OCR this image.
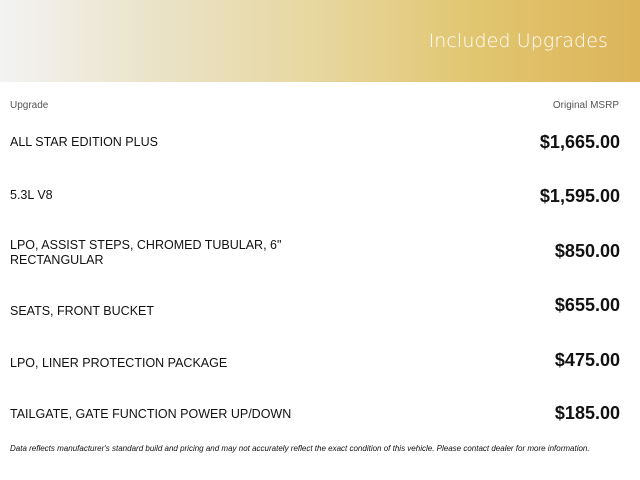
Included Upgrades
Upgrade	Original MSRP
ALL STAR EDITION PLUS	$1,665.00
5.3L V8	$1,595.00
LPO, ASSIST STEPS, CHROMED TUBULAR, 6" RECTANGULAR	$850.00
SEATS, FRONT BUCKET	$655.00
LPO, LINER PROTECTION PACKAGE	$475.00
TAILGATE, GATE FUNCTION POWER UP/DOWN	$185.00
Data reflects manufacturer's standard build and pricing and may not accurately reflect the exact condition of this vehicle. Please contact dealer for more information.
